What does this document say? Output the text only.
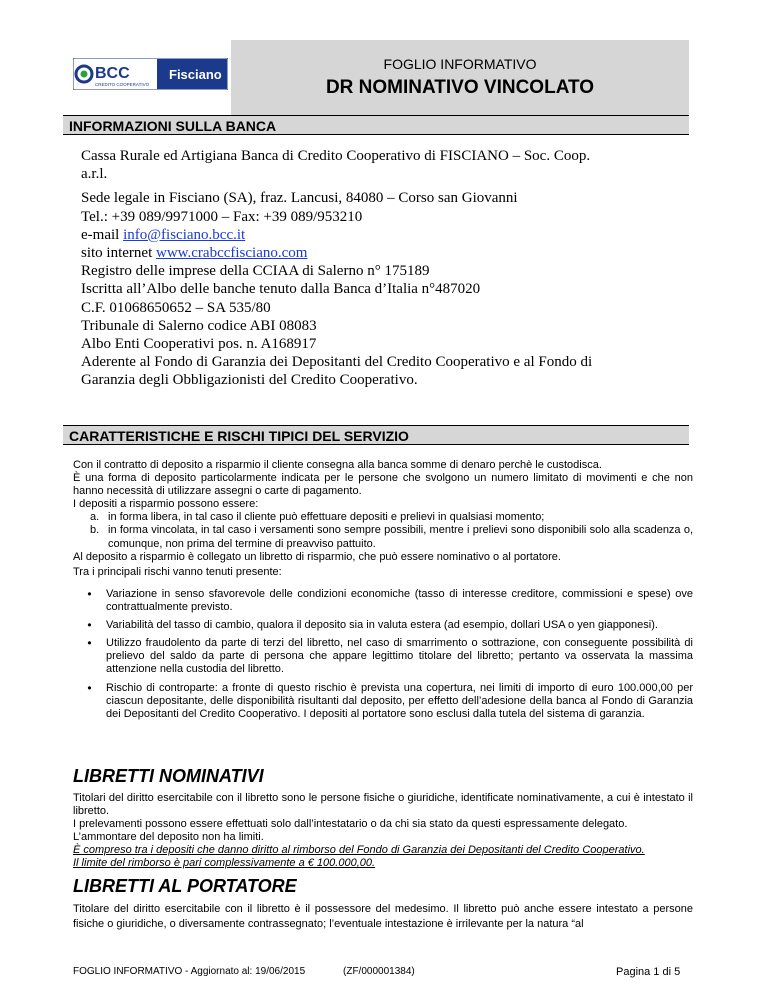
FOGLIO INFORMATIVO
DR NOMINATIVO VINCOLATO
BCC
CREDITO COOPERATIVO
Fisciano
INFORMAZIONI SULLA BANCA
Cassa Rurale ed Artigiana Banca di Credito Cooperativo di FISCIANO – Soc. Coop.
a.r.l.
Sede legale in Fisciano (SA), fraz. Lancusi, 84080 – Corso san Giovanni
Tel.: +39 089/9971000 – Fax: +39 089/953210
e-mail info@fisciano.bcc.it
sito internet www.crabccfisciano.com
Registro delle imprese della CCIAA di Salerno n° 175189
Iscritta all’Albo delle banche tenuto dalla Banca d’Italia n°487020
C.F. 01068650652 – SA 535/80
Tribunale di Salerno codice ABI 08083
Albo Enti Cooperativi pos. n. A168917
Aderente al Fondo di Garanzia dei Depositanti del Credito Cooperativo e al Fondo di
Garanzia degli Obbligazionisti del Credito Cooperativo.
CARATTERISTICHE E RISCHI TIPICI DEL SERVIZIO

Con il contratto di deposito a risparmio il cliente consegna alla banca somme di denaro perchè le custodisca.

È una forma di deposito particolarmente indicata per le persone che svolgono un numero limitato di movimenti e che non hanno necessità di utilizzare assegni o carte di pagamento.

I depositi a risparmio possono essere:

a. in forma libera, in tal caso il cliente può effettuare depositi e prelievi in qualsiasi momento;
b. in forma vincolata, in tal caso i versamenti sono sempre possibili, mentre i prelievi sono disponibili solo alla scadenza o, comunque, non prima del termine di preavviso pattuito.

Al deposito a risparmio è collegato un libretto di risparmio, che può essere nominativo o al portatore.

Tra i principali rischi vanno tenuti presente:
•	Variazione in senso sfavorevole delle condizioni economiche (tasso di interesse creditore, commissioni e spese) ove contrattualmente previsto.
•	Variabilità del tasso di cambio, qualora il deposito sia in valuta estera (ad esempio, dollari USA o yen giapponesi).
•	Utilizzo fraudolento da parte di terzi del libretto, nel caso di smarrimento o sottrazione, con conseguente possibilità di prelievo del saldo da parte di persona che appare legittimo titolare del libretto; pertanto va osservata la massima attenzione nella custodia del libretto.
•	Rischio di controparte: a fronte di questo rischio è prevista una copertura, nei limiti di importo di euro 100.000,00 per ciascun depositante, delle disponibilità risultanti dal deposito, per effetto dell’adesione della banca al Fondo di Garanzia dei Depositanti del Credito Cooperativo. I depositi al portatore sono esclusi dalla tutela del sistema di garanzia.
LIBRETTI NOMINATIVI

Titolari del diritto esercitabile con il libretto sono le persone fisiche o giuridiche, identificate nominativamente, a cui è intestato il libretto.

I prelevamenti possono essere effettuati solo dall’intestatario o da chi sia stato da questi espressamente delegato.

L’ammontare del deposito non ha limiti.

È compreso tra i depositi che danno diritto al rimborso del Fondo di Garanzia dei Depositanti del Credito Cooperativo.

Il limite del rimborso è pari complessivamente a € 100.000,00.

LIBRETTI AL PORTATORE

Titolare del diritto esercitabile con il libretto è il possessore del medesimo. Il libretto può anche essere intestato a persone fisiche o giuridiche, o diversamente contrassegnato; l’eventuale intestazione è irrilevante per la natura “al

FOGLIO INFORMATIVO - Aggiornato al: 19/06/2015	(ZF/000001384)	Pagina 1 di 5
